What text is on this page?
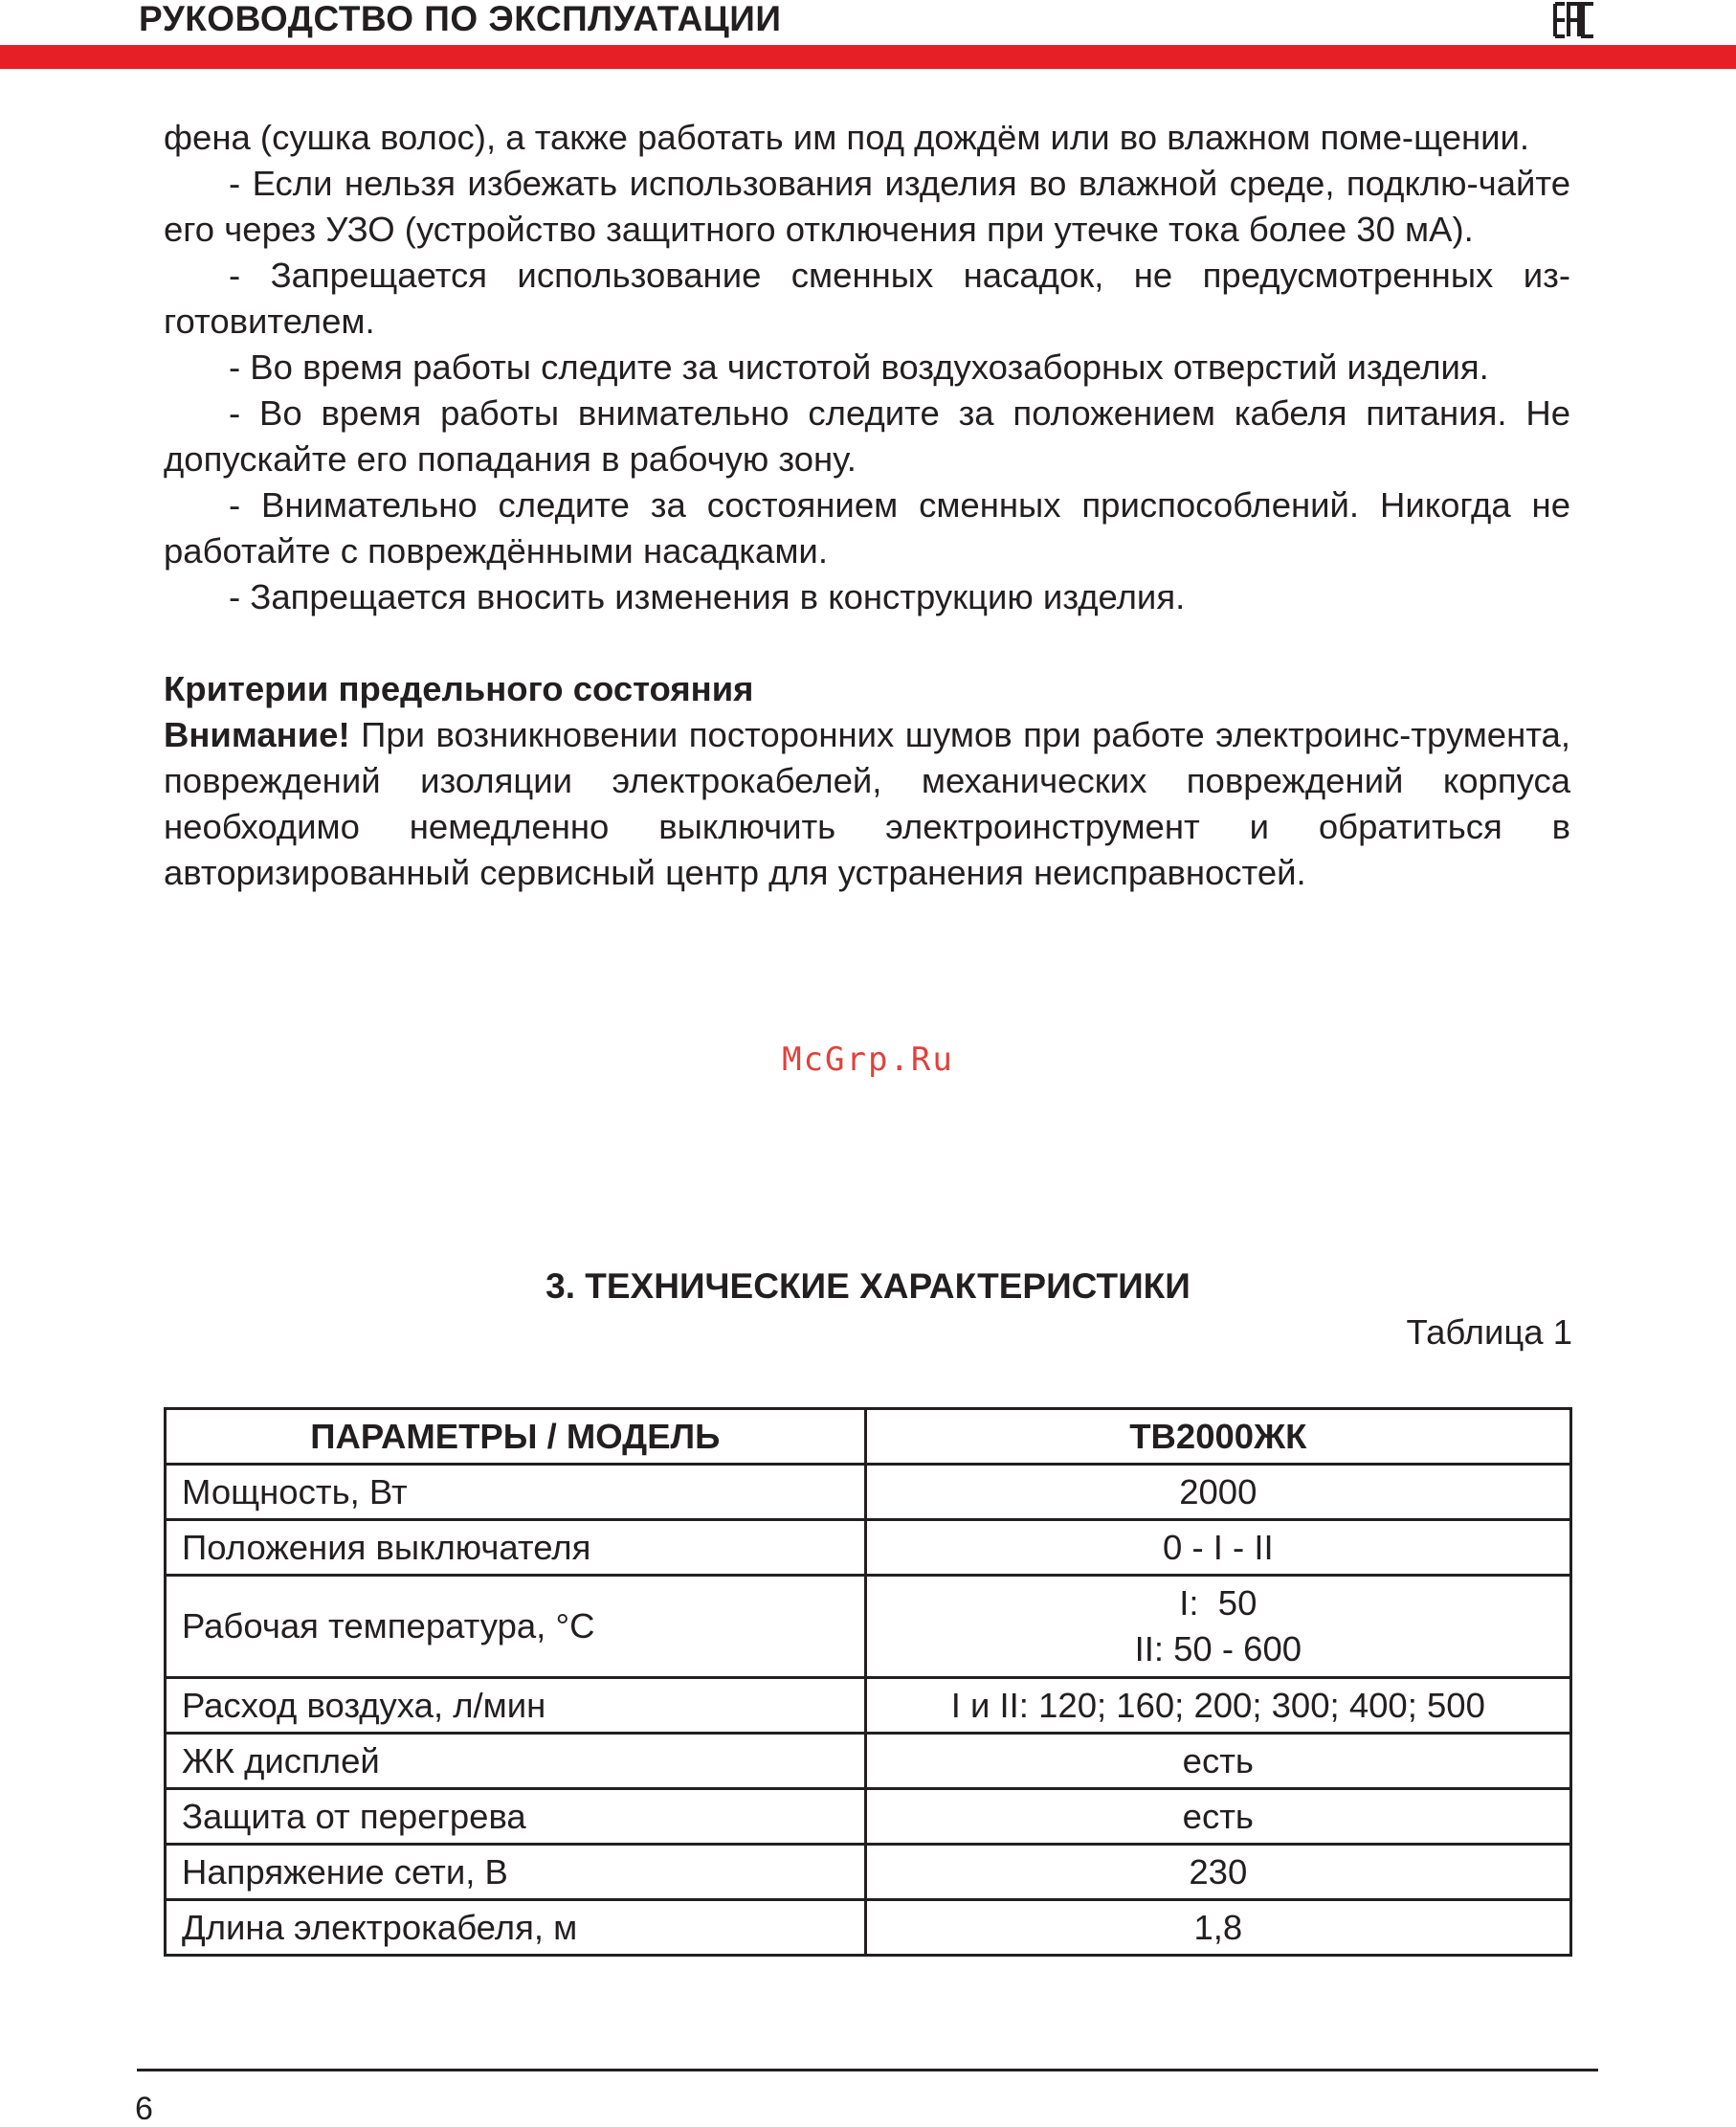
РУКОВОДСТВО ПО ЭКСПЛУАТАЦИИ

фена (сушка волос), а также работать им под дождём или во влажном поме-щении.

- Если нельзя избежать использования изделия во влажной среде, подклю-чайте его через УЗО (устройство защитного отключения при утечке тока более 30 мА).

- Запрещается использование сменных насадок, не предусмотренных из-готовителем.

- Во время работы следите за чистотой воздухозаборных отверстий изделия.

- Во время работы внимательно следите за положением кабеля питания. Не допускайте его попадания в рабочую зону.

- Внимательно следите за состоянием сменных приспособлений. Никогда не работайте с повреждёнными насадками.

- Запрещается вносить изменения в конструкцию изделия.

Критерии предельного состояния

Внимание! При возникновении посторонних шумов при работе электроинс-трумента, повреждений изоляции электрокабелей, механических повреждений корпуса необходимо немедленно выключить электроинструмент и обратиться в авторизированный сервисный центр для устранения неисправностей.

McGrp.Ru
3. ТЕХНИЧЕСКИЕ ХАРАКТЕРИСТИКИ
Таблица 1
ПАРАМЕТРЫ / МОДЕЛЬ	ТВ2000ЖК
Мощность, Вт	2000
Положения выключателя	0 - I - II
Рабочая температура, °С	I:  50
II: 50 - 600

Расход воздуха, л/мин	I и II: 120; 160; 200; 300; 400; 500
ЖК дисплей	есть
Защита от перегрева	есть
Напряжение сети, В	230
Длина электрокабеля, м	1,8
6
